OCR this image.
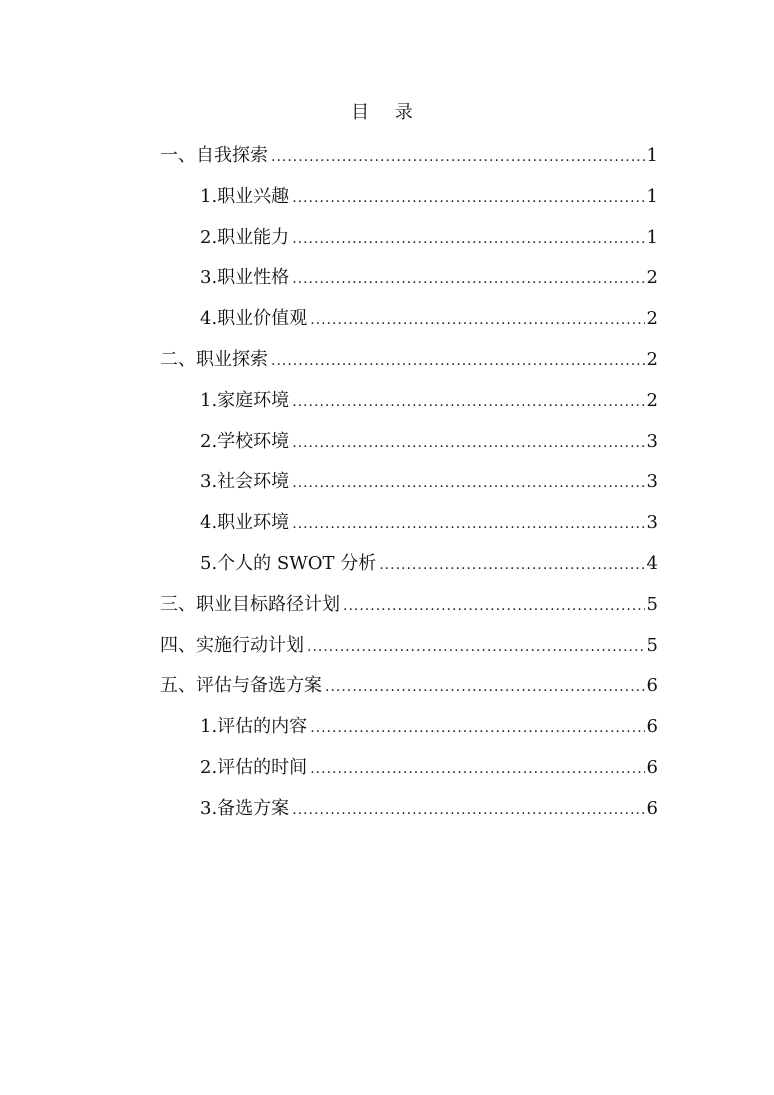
目 录
一、自我探索 .....	1
1.职业兴趣 .....	1
2.职业能力 .....	1
3.职业性格 .....	2
4.职业价值观 .....	2
二、职业探索 .....	2
1.家庭环境 .....	2
2.学校环境 .....	3
3.社会环境 .....	3
4.职业环境 .....	3
5.个人的 SWOT 分析 .....	4
三、职业目标路径计划 .....	5
四、实施行动计划 .....	5
五、评估与备选方案 .....	6
1.评估的内容 .....	6
2.评估的时间 .....	6
3.备选方案 .....	6
